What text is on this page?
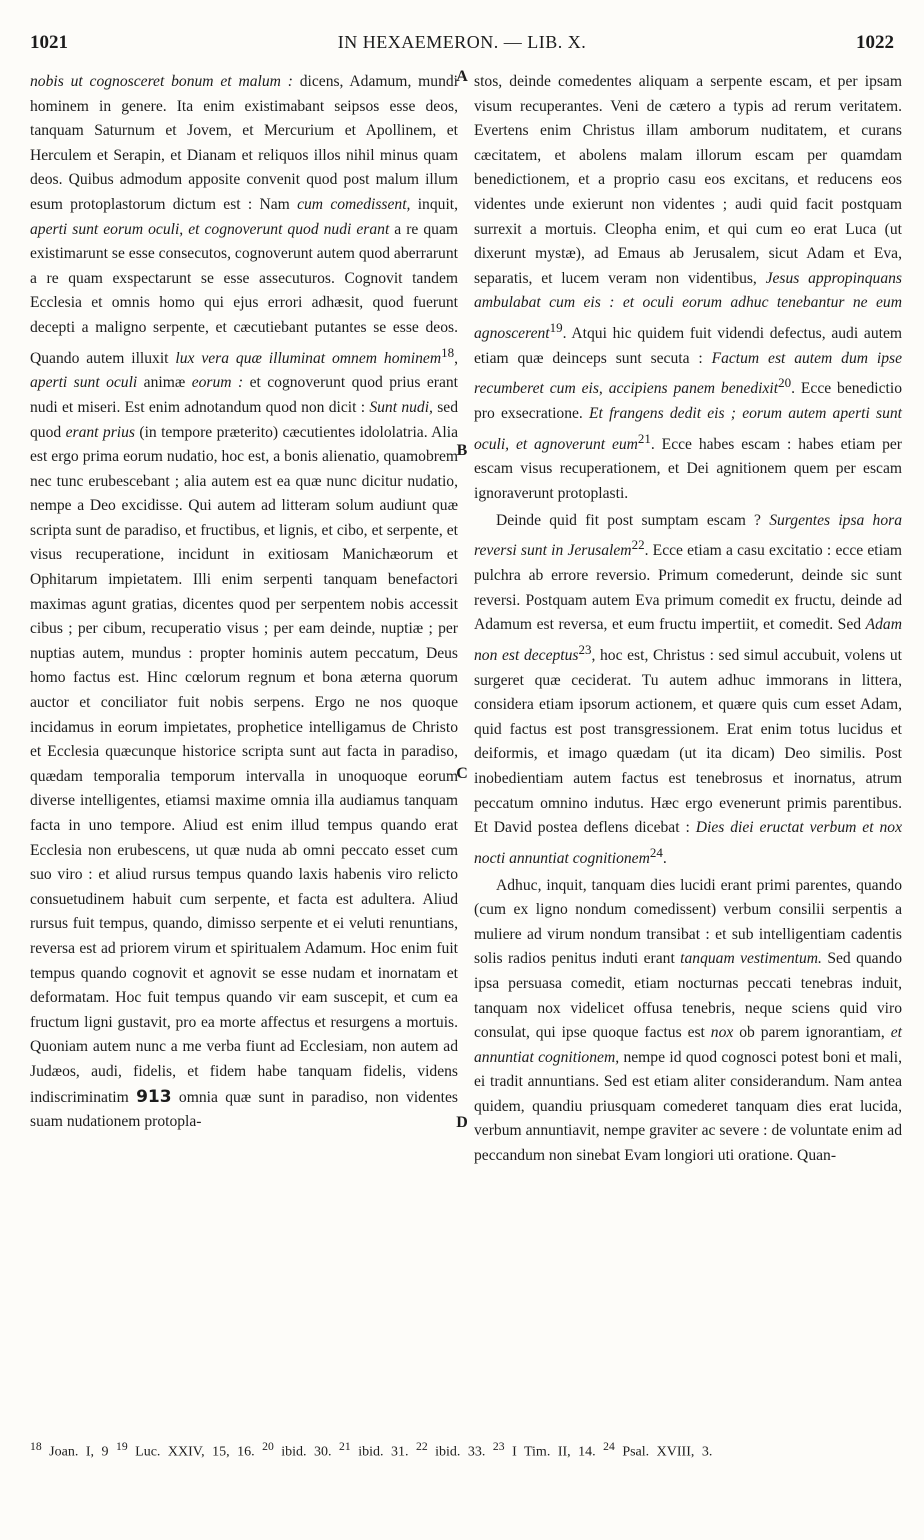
1021	IN HEXAEMERON. — LIB. X.	1022

nobis ut cognosceret bonum et malum : dicens, Adamum, mundi hominem in genere. Ita enim existimabant seipsos esse deos, tanquam Saturnum et Jovem, et Mercurium et Apollinem, et Herculem et Serapin, et Dianam et reliquos illos nihil minus quam deos. Quibus admodum apposite convenit quod post malum illum esum protoplastorum dictum est : Nam cum comedissent, inquit, aperti sunt eorum oculi, et cognoverunt quod nudi erant a re quam existimarunt se esse consecutos, cognoverunt autem quod aberrarunt a re quam exspectarunt se esse assecuturos. Cognovit tandem Ecclesia et omnis homo qui ejus errori adhæsit, quod fuerunt decepti a maligno serpente, et cæcutiebant putantes se esse deos. Quando autem illuxit lux vera quæ illuminat omnem hominem$^{18}$, aperti sunt oculi animæ eorum : et cognoverunt quod prius erant nudi et miseri. Est enim adnotandum quod non dicit : Sunt nudi, sed quod erant prius (in tempore præterito) cæcutientes idololatria. Alia est ergo prima eorum nudatio, hoc est, a bonis alienatio, quamobrem nec tunc erubescebant ; alia autem est ea quæ nunc dicitur nudatio, nempe a Deo excidisse. Qui autem ad litteram solum audiunt quæ scripta sunt de paradiso, et fructibus, et lignis, et cibo, et serpente, et visus recuperatione, incidunt in exitiosam Manichæorum et Ophitarum impietatem. Illi enim serpenti tanquam benefactori maximas agunt gratias, dicentes quod per serpentem nobis accessit cibus ; per cibum, recuperatio visus ; per eam deinde, nuptiæ ; per nuptias autem, mundus : propter hominis autem peccatum, Deus homo factus est. Hinc cœlorum regnum et bona æterna quorum auctor et conciliator fuit nobis serpens. Ergo ne nos quoque incidamus in eorum impietates, prophetice intelligamus de Christo et Ecclesia quæcunque historice scripta sunt aut facta in paradiso, quædam temporalia temporum intervalla in unoquoque eorum diverse intelligentes, etiamsi maxime omnia illa audiamus tanquam facta in uno tempore. Aliud est enim illud tempus quando erat Ecclesia non erubescens, ut quæ nuda ab omni peccato esset cum suo viro : et aliud rursus tempus quando laxis habenis viro relicto consuetudinem habuit cum serpente, et facta est adultera. Aliud rursus fuit tempus, quando, dimisso serpente et ei veluti renuntians, reversa est ad priorem virum et spiritualem Adamum. Hoc enim fuit tempus quando cognovit et agnovit se esse nudam et inornatam et deformatam. Hoc fuit tempus quando vir eam suscepit, et cum ea fructum ligni gustavit, pro ea morte affectus et resurgens a mortuis. Quoniam autem nunc a me verba fiunt ad Ecclesiam, non autem ad Judæos, audi, fidelis, et fidem habe tanquam fidelis, videns indiscriminatim 913 omnia quæ sunt in paradiso, non videntes suam nudationem protopla-

A
B
C
D

stos, deinde comedentes aliquam a serpente escam, et per ipsam visum recuperantes. Veni de cætero a typis ad rerum veritatem. Evertens enim Christus illam amborum nuditatem, et curans cæcitatem, et abolens malam illorum escam per quamdam benedictionem, et a proprio casu eos excitans, et reducens eos videntes unde exierunt non videntes ; audi quid facit postquam surrexit a mortuis. Cleopha enim, et qui cum eo erat Luca (ut dixerunt mystæ), ad Emaus ab Jerusalem, sicut Adam et Eva, separatis, et lucem veram non videntibus, Jesus appropinquans ambulabat cum eis : et oculi eorum adhuc tenebantur ne eum agnoscerent$^{19}$. Atqui hic quidem fuit videndi defectus, audi autem etiam quæ deinceps sunt secuta : Factum est autem dum ipse recumberet cum eis, accipiens panem benedixit$^{20}$. Ecce benedictio pro exsecratione. Et frangens dedit eis ; eorum autem aperti sunt oculi, et agnoverunt eum$^{21}$. Ecce habes escam : habes etiam per escam visus recuperationem, et Dei agnitionem quem per escam ignoraverunt protoplasti.

Deinde quid fit post sumptam escam ? Surgentes ipsa hora reversi sunt in Jerusalem$^{22}$. Ecce etiam a casu excitatio : ecce etiam pulchra ab errore reversio. Primum comederunt, deinde sic sunt reversi. Postquam autem Eva primum comedit ex fructu, deinde ad Adamum est reversa, et eum fructu impertiit, et comedit. Sed Adam non est deceptus$^{23}$, hoc est, Christus : sed simul accubuit, volens ut surgeret quæ ceciderat. Tu autem adhuc immorans in littera, considera etiam ipsorum actionem, et quære quis cum esset Adam, quid factus est post transgressionem. Erat enim totus lucidus et deiformis, et imago quædam (ut ita dicam) Deo similis. Post inobedientiam autem factus est tenebrosus et inornatus, atrum peccatum omnino indutus. Hæc ergo evenerunt primis parentibus. Et David postea deflens dicebat : Dies diei eructat verbum et nox nocti annuntiat cognitionem$^{24}$.

Adhuc, inquit, tanquam dies lucidi erant primi parentes, quando (cum ex ligno nondum comedissent) verbum consilii serpentis a muliere ad virum nondum transibat : et sub intelligentiam cadentis solis radios penitus induti erant tanquam vestimentum. Sed quando ipsa persuasa comedit, etiam nocturnas peccati tenebras induit, tanquam nox videlicet offusa tenebris, neque sciens quid viro consulat, qui ipse quoque factus est nox ob parem ignorantiam, et annuntiat cognitionem, nempe id quod cognosci potest boni et mali, ei tradit annuntians. Sed est etiam aliter considerandum. Nam antea quidem, quandiu priusquam comederet tanquam dies erat lucida, verbum annuntiavit, nempe graviter ac severe : de voluntate enim ad peccandum non sinebat Evam longiori uti oratione. Quan-

$^{18}$ Joan. I, 9 $^{19}$ Luc. XXIV, 15, 16. $^{20}$ ibid. 30. $^{21}$ ibid. 31. $^{22}$ ibid. 33. $^{23}$ I Tim. II, 14. $^{24}$ Psal. XVIII, 3.
